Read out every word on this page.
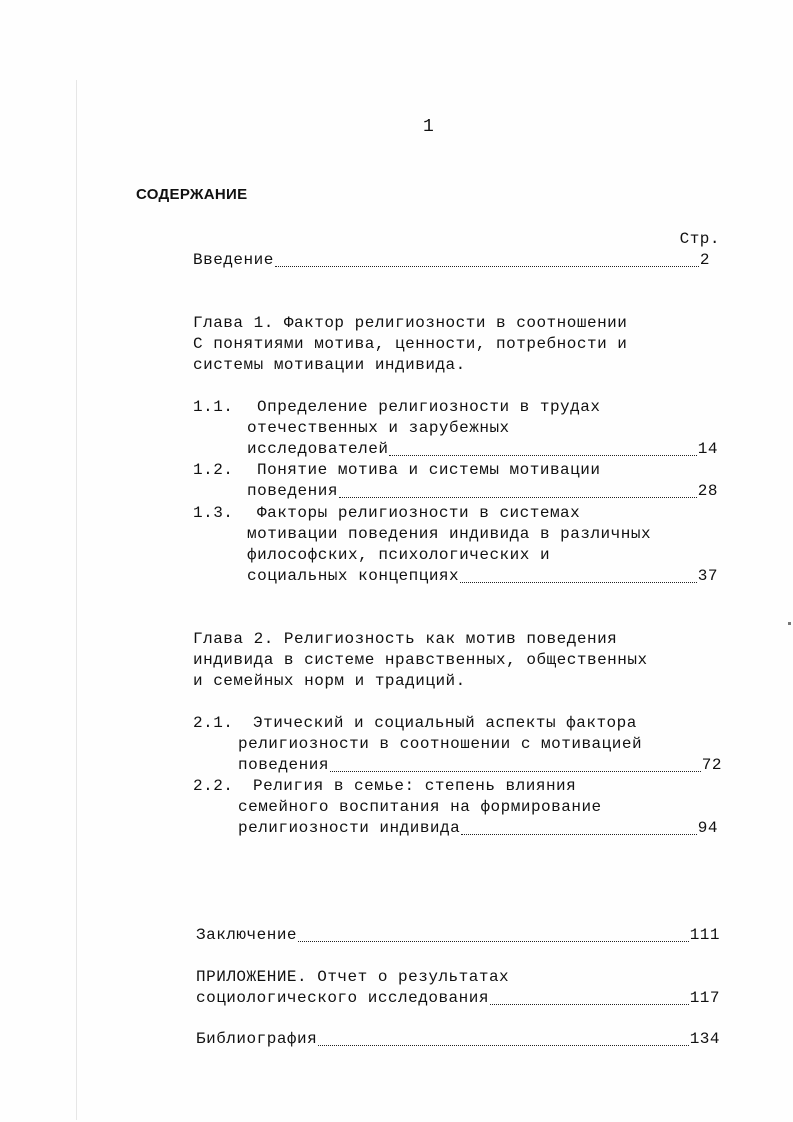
1
СОДЕРЖАНИЕ
Стр.
Введение	2
Глава 1. Фактор религиозности в соотношении
С понятиями мотива, ценности, потребности и
системы мотивации индивида.
1.1. Определение религиозности в трудах
отечественных и зарубежных
исследователей	14
1.2. Понятие мотива и системы мотивации
поведения	28
1.3. Факторы религиозности в системах
мотивации поведения индивида в различных
философских, психологических и
социальных концепциях	37
Глава 2. Религиозность как мотив поведения
индивида в системе нравственных, общественных
и семейных норм и традиций.
2.1. Этический и социальный аспекты фактора
религиозности в соотношении с мотивацией
поведения	72
2.2. Религия в семье: степень влияния
семейного воспитания на формирование
религиозности индивида	94
Заключение	111
ПРИЛОЖЕНИЕ. Отчет о результатах
социологического исследования	117
Библиография	134
